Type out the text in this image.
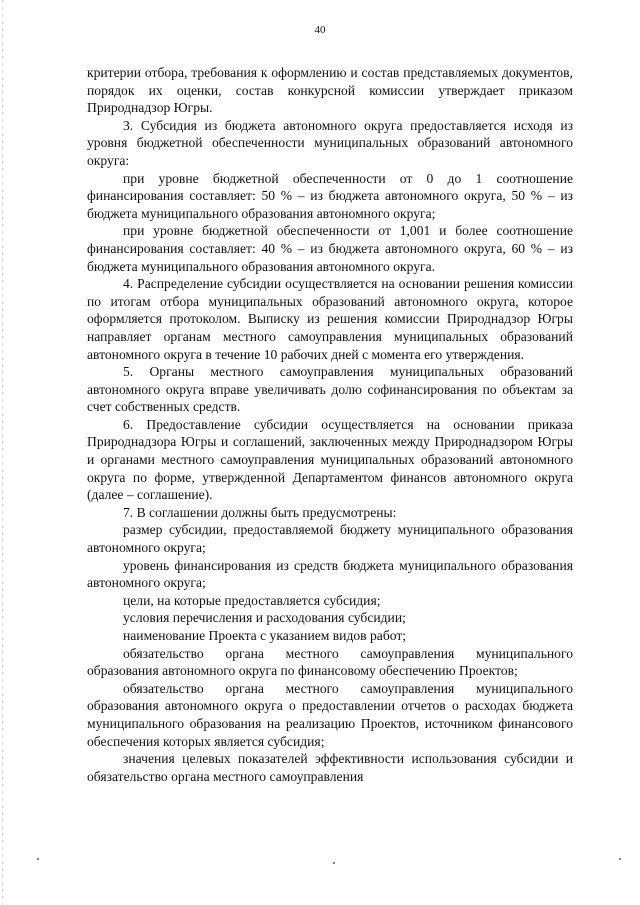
40

критерии отбора, требования к оформлению и состав представляемых документов, порядок их оценки, состав конкурсной комиссии утверждает приказом Природнадзор Югры.

3. Субсидия из бюджета автономного округа предоставляется исходя из уровня бюджетной обеспеченности муниципальных образований автономного округа:

при уровне бюджетной обеспеченности от 0 до 1 соотношение финансирования составляет: 50 % – из бюджета автономного округа, 50 % – из бюджета муниципального образования автономного округа;

при уровне бюджетной обеспеченности от 1,001 и более соотношение финансирования составляет: 40 % – из бюджета автономного округа, 60 % – из бюджета муниципального образования автономного округа.

4. Распределение субсидии осуществляется на основании решения комиссии по итогам отбора муниципальных образований автономного округа, которое оформляется протоколом. Выписку из решения комиссии Природнадзор Югры направляет органам местного самоуправления муниципальных образований автономного округа в течение 10 рабочих дней с момента его утверждения.

5. Органы местного самоуправления муниципальных образований автономного округа вправе увеличивать долю софинансирования по объектам за счет собственных средств.

6. Предоставление субсидии осуществляется на основании приказа Природнадзора Югры и соглашений, заключенных между Природнадзором Югры и органами местного самоуправления муниципальных образований автономного округа по форме, утвержденной Департаментом финансов автономного округа (далее – соглашение).

7. В соглашении должны быть предусмотрены:

размер субсидии, предоставляемой бюджету муниципального образования автономного округа;

уровень финансирования из средств бюджета муниципального образования автономного округа;

цели, на которые предоставляется субсидия;

условия перечисления и расходования субсидии;

наименование Проекта с указанием видов работ;

обязательство органа местного самоуправления муниципального образования автономного округа по финансовому обеспечению Проектов;

обязательство органа местного самоуправления муниципального образования автономного округа о предоставлении отчетов о расходах бюджета муниципального образования на реализацию Проектов, источником финансового обеспечения которых является субсидия;

значения целевых показателей эффективности использования субсидии и обязательство органа местного самоуправления
